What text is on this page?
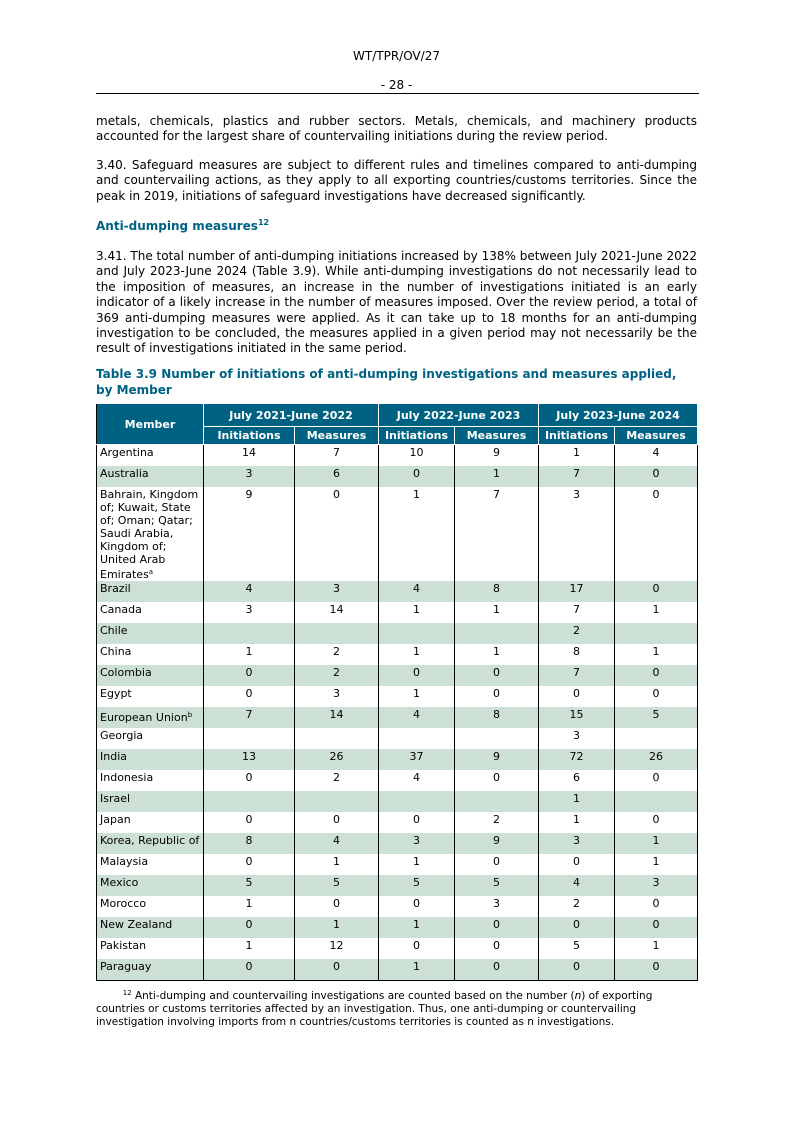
WT/TPR/OV/27
- 28 -

metals, chemicals, plastics and rubber sectors. Metals, chemicals, and machinery products accounted for the largest share of countervailing initiations during the review period.

3.40. Safeguard measures are subject to different rules and timelines compared to anti-dumping and countervailing actions, as they apply to all exporting countries/customs territories. Since the peak in 2019, initiations of safeguard investigations have decreased significantly.

Anti-dumping measures$^{12}$

3.41. The total number of anti-dumping initiations increased by 138% between July 2021-June 2022 and July 2023-June 2024 (Table 3.9). While anti-dumping investigations do not necessarily lead to the imposition of measures, an increase in the number of investigations initiated is an early indicator of a likely increase in the number of measures imposed. Over the review period, a total of 369 anti-dumping measures were applied. As it can take up to 18 months for an anti-dumping investigation to be concluded, the measures applied in a given period may not necessarily be the result of investigations initiated in the same period.

Table 3.9 Number of initiations of anti-dumping investigations and measures applied, by Member

Member	July 2021-June 2022		July 2022-June 2023		July 2023-June 2024	
	Initiations	Measures	Initiations	Measures	Initiations	Measures
Argentina	14	7	10	9	1	4
Australia	3	6	0	1	7	0
Bahrain, Kingdom of; Kuwait, State of; Oman; Qatar; Saudi Arabia, Kingdom of; United Arab Emirates$^a$	9	0	1	7	3	0
Brazil	4	3	4	8	17	0
Canada	3	14	1	1	7	1
Chile					2	
China	1	2	1	1	8	1
Colombia	0	2	0	0	7	0
Egypt	0	3	1	0	0	0
European Union$^b$	7	14	4	8	15	5
Georgia					3	
India	13	26	37	9	72	26
Indonesia	0	2	4	0	6	0
Israel					1	
Japan	0	0	0	2	1	0
Korea, Republic of	8	4	3	9	3	1
Malaysia	0	1	1	0	0	1
Mexico	5	5	5	5	4	3
Morocco	1	0	0	3	2	0
New Zealand	0	1	1	0	0	0
Pakistan	1	12	0	0	5	1
Paraguay	0	0	1	0	0	0

$^{12}$ Anti-dumping and countervailing investigations are counted based on the number (n) of exporting countries or customs territories affected by an investigation. Thus, one anti-dumping or countervailing investigation involving imports from n countries/customs territories is counted as n investigations.
